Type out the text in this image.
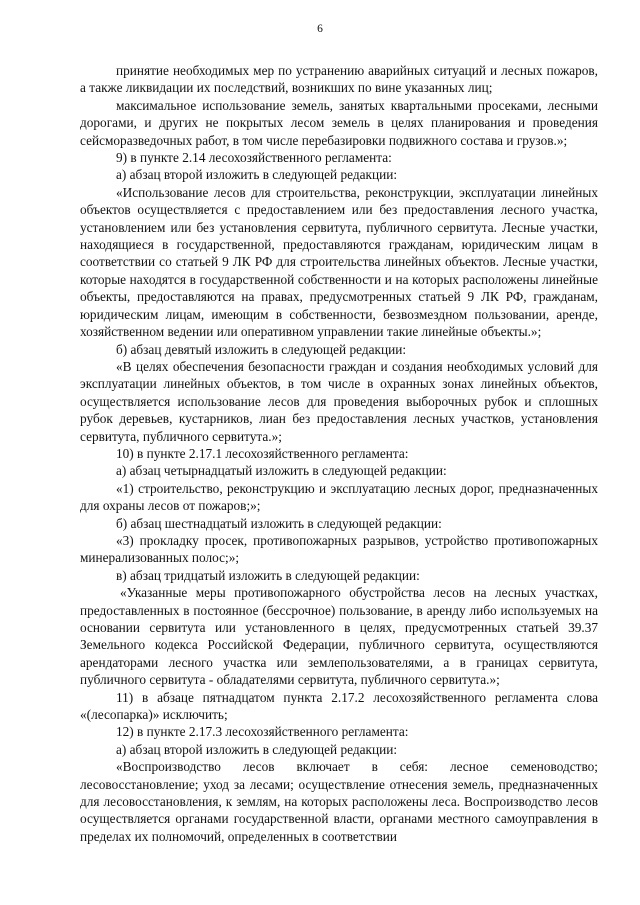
6

принятие необходимых мер по устранению аварийных ситуаций и лесных пожаров, а также ликвидации их последствий, возникших по вине указанных лиц;

максимальное использование земель, занятых квартальными просеками, лесными дорогами, и других не покрытых лесом земель в целях планирования и проведения сейсморазведочных работ, в том числе перебазировки подвижного состава и грузов.»;

9) в пункте 2.14 лесохозяйственного регламента:

а) абзац второй изложить в следующей редакции:

«Использование лесов для строительства, реконструкции, эксплуатации линейных объектов осуществляется с предоставлением или без предоставления лесного участка, установлением или без установления сервитута, публичного сервитута. Лесные участки, находящиеся в государственной, предоставляются гражданам, юридическим лицам в соответствии со статьей 9 ЛК РФ для строительства линейных объектов. Лесные участки, которые находятся в государственной собственности и на которых расположены линейные объекты, предоставляются на правах, предусмотренных статьей 9 ЛК РФ, гражданам, юридическим лицам, имеющим в собственности, безвозмездном пользовании, аренде, хозяйственном ведении или оперативном управлении такие линейные объекты.»;

б) абзац девятый изложить в следующей редакции:

«В целях обеспечения безопасности граждан и создания необходимых условий для эксплуатации линейных объектов, в том числе в охранных зонах линейных объектов, осуществляется использование лесов для проведения выборочных рубок и сплошных рубок деревьев, кустарников, лиан без предоставления лесных участков, установления сервитута, публичного сервитута.»;

10) в пункте 2.17.1 лесохозяйственного регламента:

а) абзац четырнадцатый изложить в следующей редакции:

«1) строительство, реконструкцию и эксплуатацию лесных дорог, предназначенных для охраны лесов от пожаров;»;

б) абзац шестнадцатый изложить в следующей редакции:

«3) прокладку просек, противопожарных разрывов, устройство противопожарных минерализованных полос;»;

в) абзац тридцатый изложить в следующей редакции:

«Указанные меры противопожарного обустройства лесов на лесных участках, предоставленных в постоянное (бессрочное) пользование, в аренду либо используемых на основании сервитута или установленного в целях, предусмотренных статьей 39.37 Земельного кодекса Российской Федерации, публичного сервитута, осуществляются арендаторами лесного участка или землепользователями, а в границах сервитута, публичного сервитута - обладателями сервитута, публичного сервитута.»;

11) в абзаце пятнадцатом пункта 2.17.2 лесохозяйственного регламента слова «(лесопарка)» исключить;

12) в пункте 2.17.3 лесохозяйственного регламента:

а) абзац второй изложить в следующей редакции:

«Воспроизводство лесов включает в себя: лесное семеноводство; лесовосстановление; уход за лесами; осуществление отнесения земель, предназначенных для лесовосстановления, к землям, на которых расположены леса. Воспроизводство лесов осуществляется органами государственной власти, органами местного самоуправления в пределах их полномочий, определенных в соответствии
